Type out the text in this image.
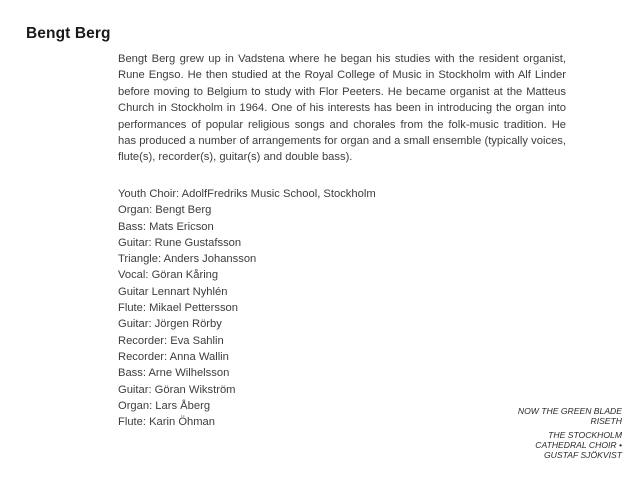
Bengt Berg

Bengt Berg grew up in Vadstena where he began his studies with the resident organist, Rune Engso. He then studied at the Royal College of Music in Stockholm with Alf Linder before moving to Belgium to study with Flor Peeters. He became organist at the Matteus Church in Stockholm in 1964. One of his interests has been in introducing the organ into performances of popular religious songs and chorales from the folk-music tradition. He has produced a number of arrangements for organ and a small ensemble (typically voices, flute(s), recorder(s), guitar(s) and double bass).

Youth Choir: AdolfFredriks Music School, Stockholm
Organ: Bengt Berg
Bass: Mats Ericson
Guitar: Rune Gustafsson
Triangle: Anders Johansson
Vocal: Göran Kåring
Guitar Lennart Nyhlén
Flute: Mikael Pettersson
Guitar: Jörgen Rörby
Recorder: Eva Sahlin
Recorder: Anna Wallin
Bass: Arne Wilhelsson
Guitar: Göran Wikström
Organ: Lars Åberg
Flute: Karin Öhman
NOW THE GREEN BLADE RISETH
THE STOCKHOLM CATHEDRAL CHOIR • GUSTAF SJÖKVIST
